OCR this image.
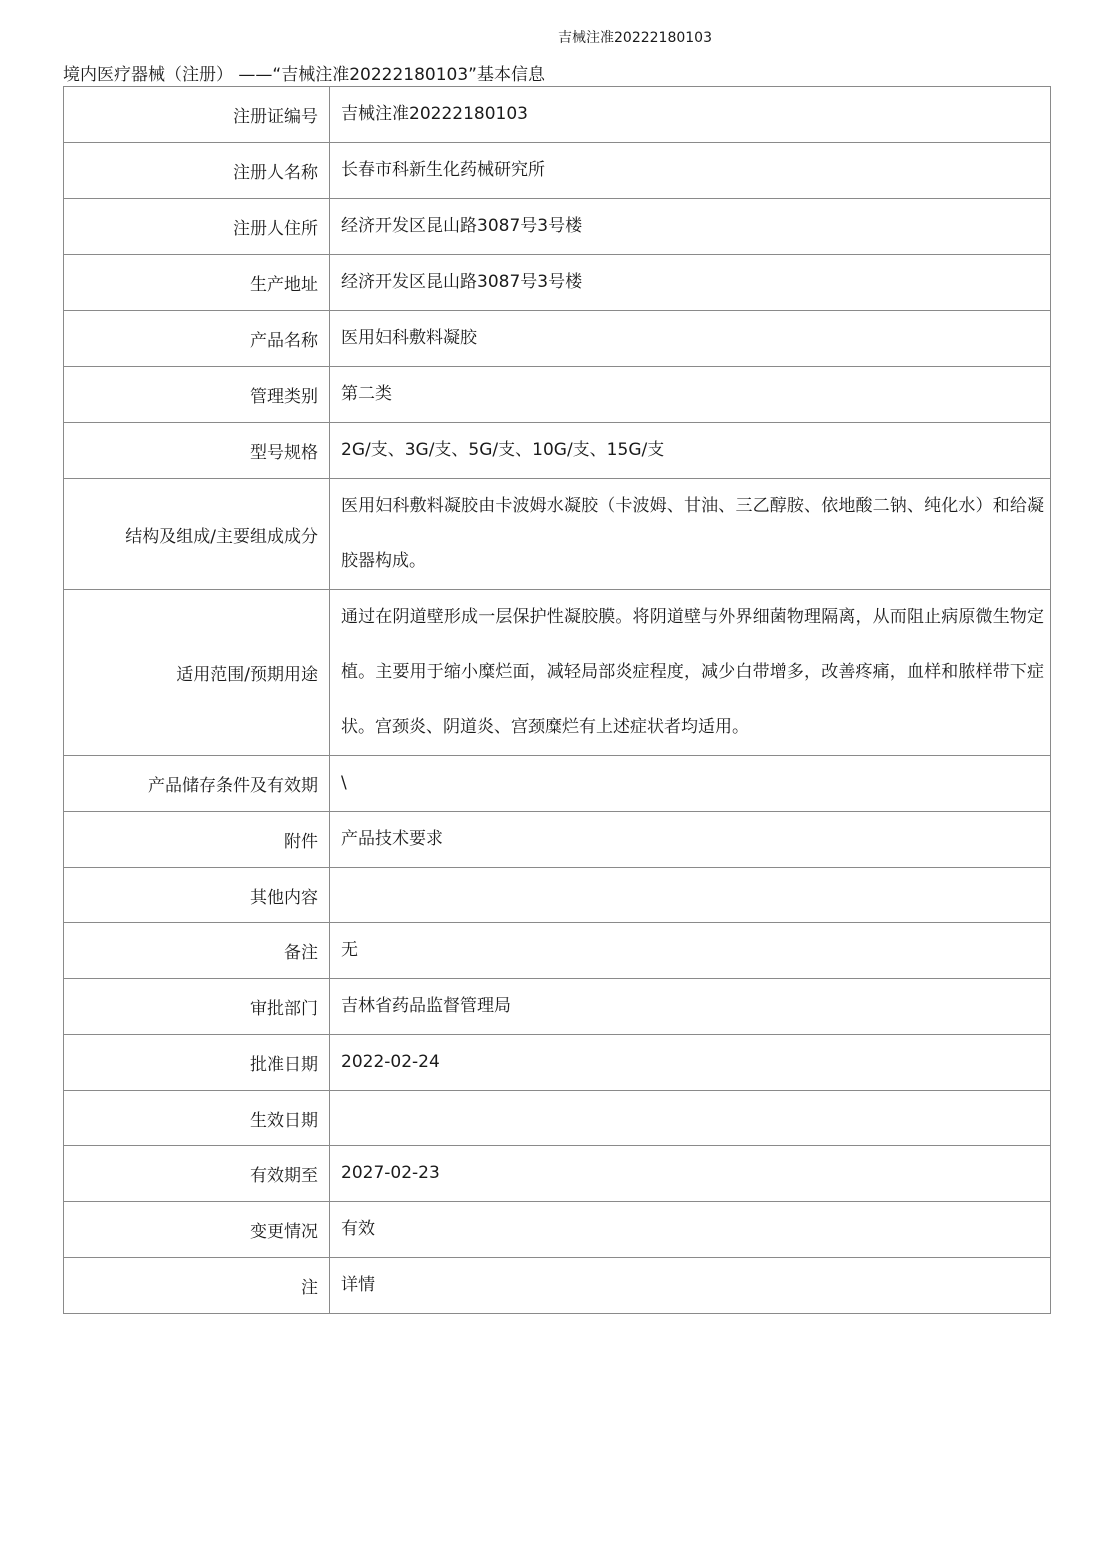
吉械注准20222180103
境内医疗器械（注册） ——“吉械注准20222180103”基本信息
注册证编号	吉械注准20222180103
注册人名称	长春市科新生化药械研究所
注册人住所	经济开发区昆山路3087号3号楼
生产地址	经济开发区昆山路3087号3号楼
产品名称	医用妇科敷料凝胶
管理类别	第二类
型号规格	2G/支、3G/支、5G/支、10G/支、15G/支
结构及组成/主要组成成分	医用妇科敷料凝胶由卡波姆水凝胶（卡波姆、甘油、三乙醇胺、依地酸二钠、纯化水）和给凝胶器构成。
适用范围/预期用途	通过在阴道壁形成一层保护性凝胶膜。将阴道壁与外界细菌物理隔离，从而阻止病原微生物定植。主要用于缩小糜烂面，减轻局部炎症程度，减少白带增多，改善疼痛，血样和脓样带下症状。宫颈炎、阴道炎、宫颈糜烂有上述症状者均适用。
产品储存条件及有效期	\
附件	产品技术要求
其他内容	
备注	无
审批部门	吉林省药品监督管理局
批准日期	2022-02-24
生效日期	
有效期至	2027-02-23
变更情况	有效
注	详情
